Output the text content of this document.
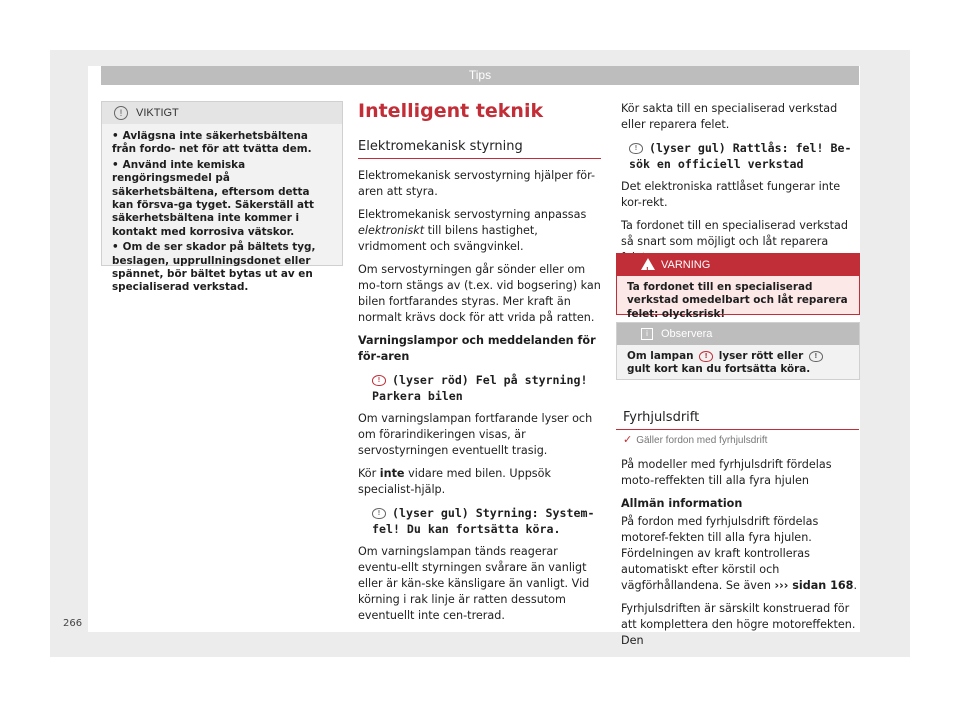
Tips
! VIKTIGT
• Avlägsna inte säkerhetsbältena från fordo- net för att tvätta dem.
• Använd inte kemiska rengöringsmedel på säkerhetsbältena, eftersom detta kan försva-ga tyget. Säkerställ att säkerhetsbältena inte kommer i kontakt med korrosiva vätskor.
• Om de ser skador på bältets tyg, beslagen, upprullningsdonet eller spännet, bör bältet bytas ut av en specialiserad verkstad.
Intelligent teknik
Elektromekanisk styrning

Elektromekanisk servostyrning hjälper för-aren att styra.

Elektromekanisk servostyrning anpassas elektroniskt till bilens hastighet, vridmoment och svängvinkel.

Om servostyrningen går sönder eller om mo-torn stängs av (t.ex. vid bogsering) kan bilen fortfarandes styras. Mer kraft än normalt krävs dock för att vrida på ratten.

Varningslampor och meddelanden för för-aren

! (lyser röd) Fel på styrning! Parkera bilen

Om varningslampan fortfarande lyser och om förarindikeringen visas, är servostyrningen eventuellt trasig.

Kör inte vidare med bilen. Uppsök specialist-hjälp.

! (lyser gul) Styrning: System-fel! Du kan fortsätta köra.

Om varningslampan tänds reagerar eventu-ellt styrningen svårare än vanligt eller är kän-ske känsligare än vanligt. Vid körning i rak linje är ratten dessutom eventuellt inte cen-trerad.

Kör sakta till en specialiserad verkstad eller reparera felet.

! (lyser gul) Rattlås: fel! Be-sök en officiell verkstad

Det elektroniska rattlåset fungerar inte kor-rekt.

Ta fordonet till en specialiserad verkstad så snart som möjligt och låt reparera

! VARNING
Ta fordonet till en specialiserad verkstad omedelbart och låt reparera felet: olycksrisk!
i	Observera
Om lampan ! lyser rött eller ! gult kort kan du fortsätta köra.
Fyrhjulsdrift
✓ Gäller fordon med fyrhjulsdrift

På modeller med fyrhjulsdrift fördelas moto-reffekten till alla fyra hjulen

Allmän information

På fordon med fyrhjulsdrift fördelas motoref-fekten till alla fyra hjulen. Fördelningen av kraft kontrolleras automatiskt efter körstil och vägförhållandena. Se även ››› sidan 168.

Fyrhjulsdriften är särskilt konstruerad för att komplettera den högre motoreffekten. Den

266
